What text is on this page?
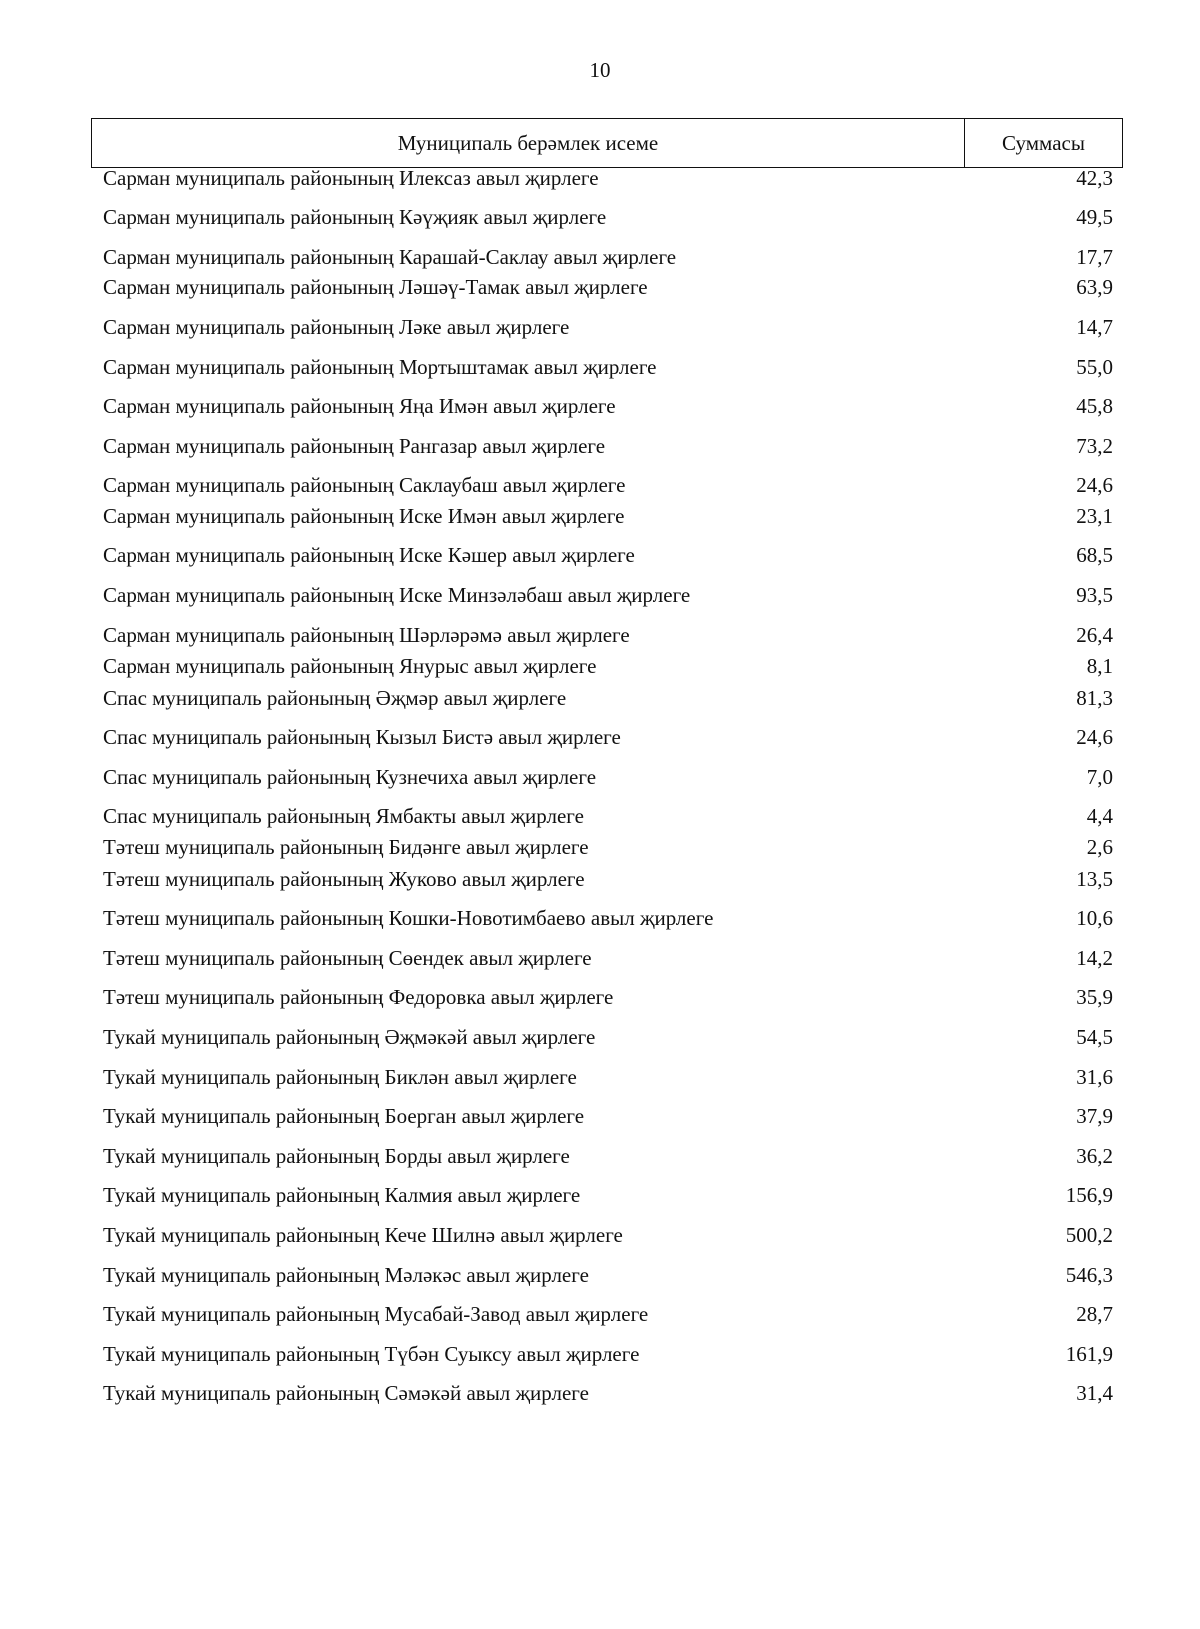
10
Муниципаль берәмлек исеме	Суммасы
Сарман муниципаль районының Илексаз авыл җирлеге	42,3
Сарман муниципаль районының Кәүҗияк авыл җирлеге	49,5
Сарман муниципаль районының Карашай-Саклау авыл җирлеге	17,7
Сарман муниципаль районының Ләшәү-Тамак авыл җирлеге	63,9
Сарман муниципаль районының Ләке авыл җирлеге	14,7
Сарман муниципаль районының Мортыштамак авыл җирлеге	55,0
Сарман муниципаль районының Яңа Имән авыл җирлеге	45,8
Сарман муниципаль районының Рангазар авыл җирлеге	73,2
Сарман муниципаль районының Саклаубаш авыл җирлеге	24,6
Сарман муниципаль районының Иске Имән авыл җирлеге	23,1
Сарман муниципаль районының Иске Кәшер авыл җирлеге	68,5
Сарман муниципаль районының Иске Минзәләбаш авыл җирлеге	93,5
Сарман муниципаль районының Шәрләрәмә авыл җирлеге	26,4
Сарман муниципаль районының Янурыс авыл җирлеге	8,1
Спас муниципаль районының Әҗмәр авыл җирлеге	81,3
Спас муниципаль районының Кызыл Бистә авыл җирлеге	24,6
Спас муниципаль районының Кузнечиха авыл җирлеге	7,0
Спас муниципаль районының Ямбакты авыл җирлеге	4,4
Тәтеш муниципаль районының Бидәнге авыл җирлеге	2,6
Тәтеш муниципаль районының Жуково авыл җирлеге	13,5
Тәтеш муниципаль районының Кошки-Новотимбаево авыл җирлеге	10,6
Тәтеш муниципаль районының Сөендек авыл җирлеге	14,2
Тәтеш муниципаль районының Федоровка авыл җирлеге	35,9
Тукай муниципаль районының Әҗмәкәй авыл җирлеге	54,5
Тукай муниципаль районының Биклән авыл җирлеге	31,6
Тукай муниципаль районының Боерган авыл җирлеге	37,9
Тукай муниципаль районының Борды авыл җирлеге	36,2
Тукай муниципаль районының Калмия авыл җирлеге	156,9
Тукай муниципаль районының Кече Шилнә авыл җирлеге	500,2
Тукай муниципаль районының Мәләкәс авыл җирлеге	546,3
Тукай муниципаль районының Мусабай-Завод авыл җирлеге	28,7
Тукай муниципаль районының Түбән Суыксу авыл җирлеге	161,9
Тукай муниципаль районының Сәмәкәй авыл җирлеге	31,4
